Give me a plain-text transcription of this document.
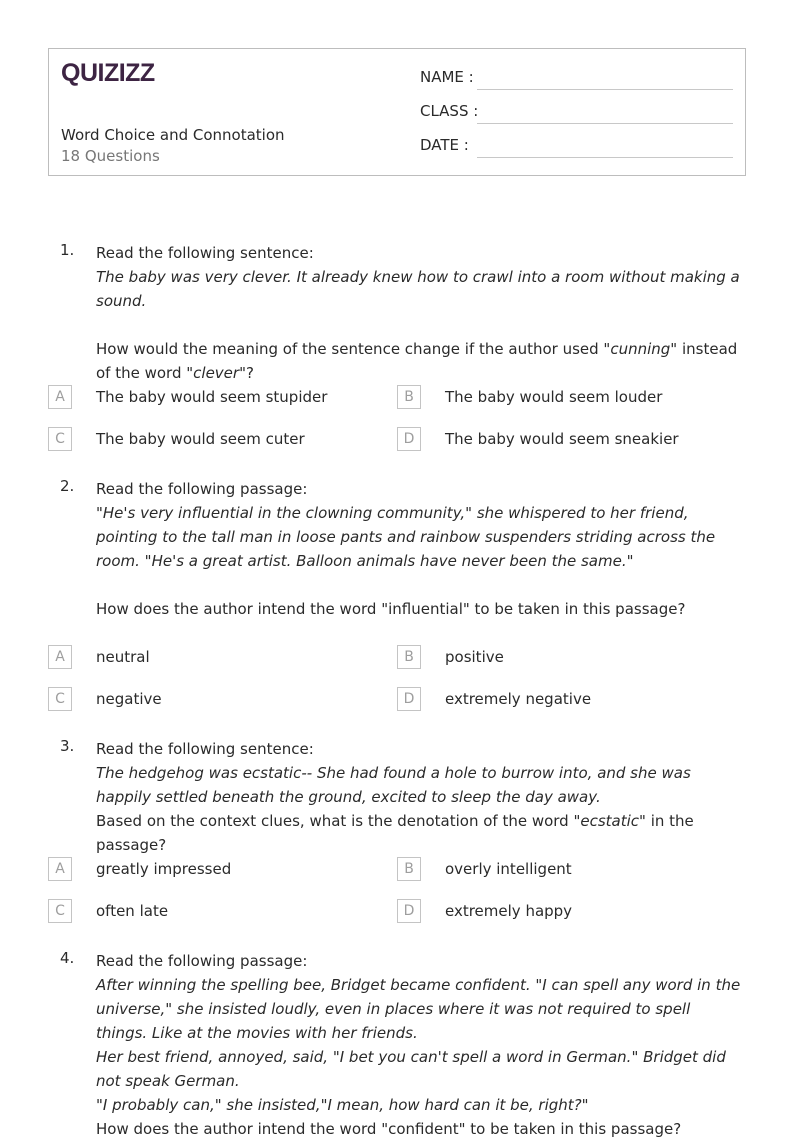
QUIZIZZ
Word Choice and Connotation
18 Questions
NAME :
CLASS :
DATE :
1. Read the following sentence:

The baby was very clever. It already knew how to crawl into a room without making a sound.

How would the meaning of the sentence change if the author used "cunning" instead of the word "clever"?

A	The baby would seem stupider	B	The baby would seem louder
C	The baby would seem cuter	D	The baby would seem sneakier
2. Read the following passage:

"He's very influential in the clowning community," she whispered to her friend, pointing to the tall man in loose pants and rainbow suspenders striding across the room. "He's a great artist. Balloon animals have never been the same."

How does the author intend the word "influential" to be taken in this passage?

A	neutral	B	positive
C	negative	D	extremely negative
3. Read the following sentence:

The hedgehog was ecstatic-- She had found a hole to burrow into, and she was happily settled beneath the ground, excited to sleep the day away.

Based on the context clues, what is the denotation of the word "ecstatic" in the passage?

A	greatly impressed	B	overly intelligent
C	often late	D	extremely happy
4. Read the following passage:

After winning the spelling bee, Bridget became confident. "I can spell any word in the universe," she insisted loudly, even in places where it was not required to spell things. Like at the movies with her friends.

Her best friend, annoyed, said, "I bet you can't spell a word in German." Bridget did not speak German.

"I probably can," she insisted,"I mean, how hard can it be, right?"

How does the author intend the word "confident" to be taken in this passage?
